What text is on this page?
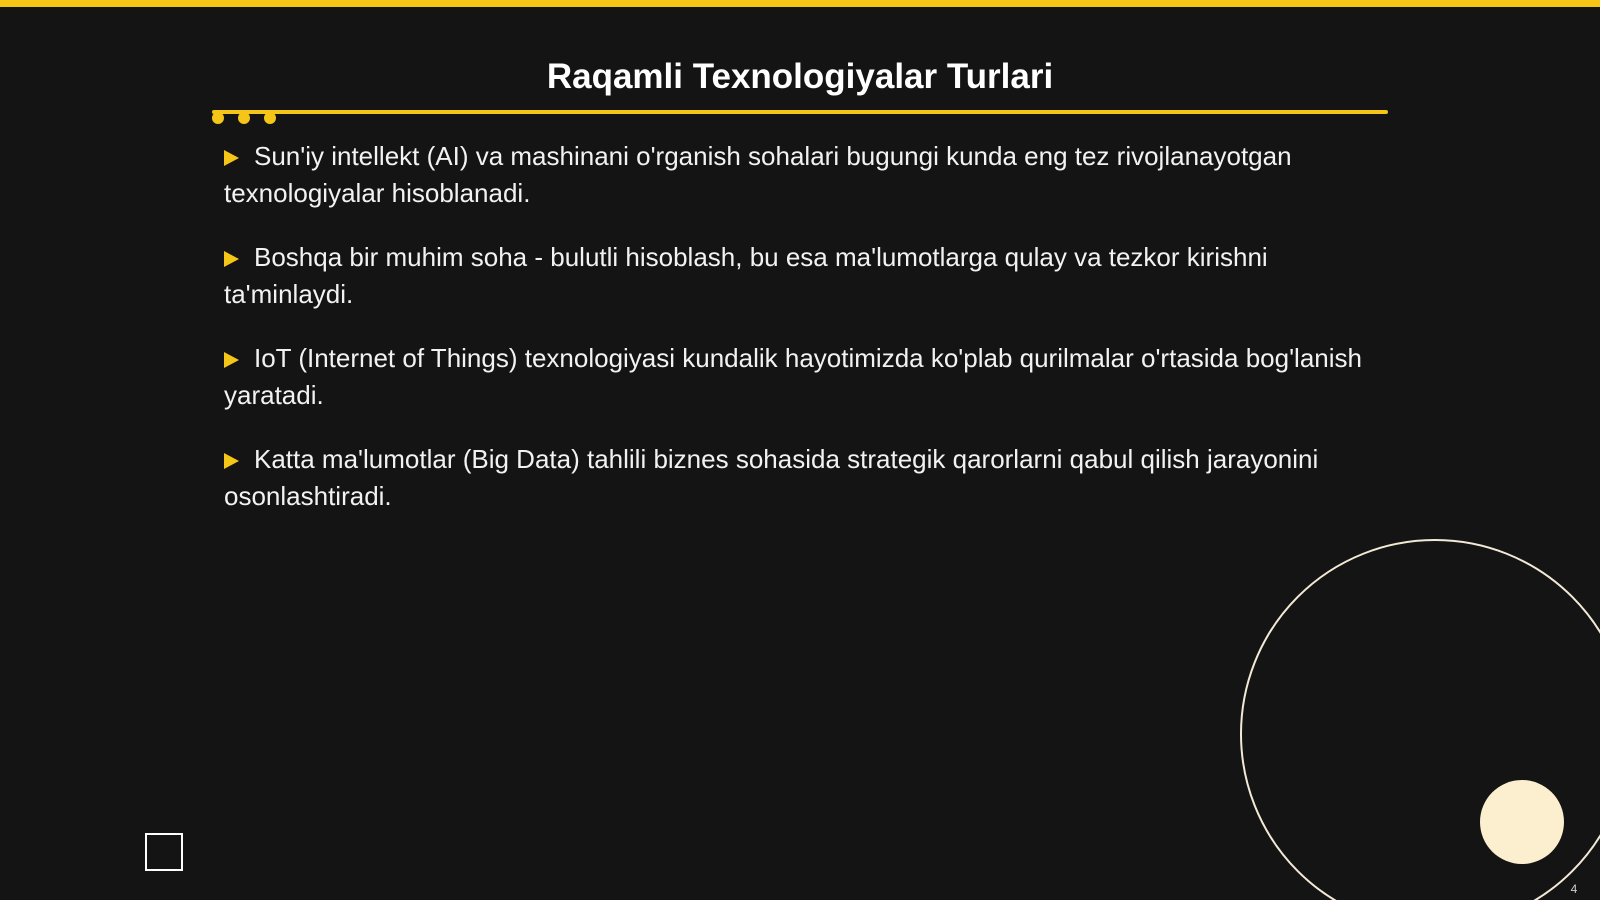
Raqamli Texnologiyalar Turlari
Sun'iy intellekt (AI) va mashinani o'rganish sohalari bugungi kunda eng tez rivojlanayotgan texnologiyalar hisoblanadi.
Boshqa bir muhim soha - bulutli hisoblash, bu esa ma'lumotlarga qulay va tezkor kirishni ta'minlaydi.
IoT (Internet of Things) texnologiyasi kundalik hayotimizda ko'plab qurilmalar o'rtasida bog'lanish yaratadi.
Katta ma'lumotlar (Big Data) tahlili biznes sohasida strategik qarorlarni qabul qilish jarayonini osonlashtiradi.
4
